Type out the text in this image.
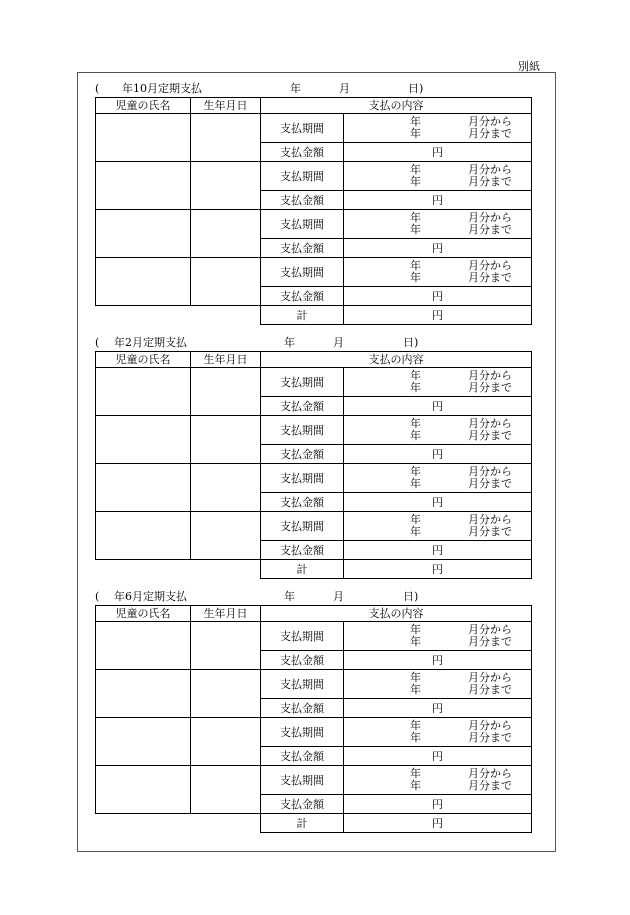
別紙
( 年10月定期支払	年	月	日)
児童の氏名	生年月日	支払の内容	
		支払期間	年 月分から
年 月分まで

		支払金額	円
		支払期間	年 月分から
年 月分まで

		支払金額	円
		支払期間	年 月分から
年 月分まで

		支払金額	円
		支払期間	年 月分から
年 月分まで

		支払金額	円
		計	円
( 年2月定期支払	年	月	日)
児童の氏名	生年月日	支払の内容	
		支払期間	年 月分から
年 月分まで

		支払金額	円
		支払期間	年 月分から
年 月分まで

		支払金額	円
		支払期間	年 月分から
年 月分まで

		支払金額	円
		支払期間	年 月分から
年 月分まで

		支払金額	円
		計	円
( 年6月定期支払	年	月	日)
児童の氏名	生年月日	支払の内容	
		支払期間	年 月分から
年 月分まで

		支払金額	円
		支払期間	年 月分から
年 月分まで

		支払金額	円
		支払期間	年 月分から
年 月分まで

		支払金額	円
		支払期間	年 月分から
年 月分まで

		支払金額	円
		計	円
